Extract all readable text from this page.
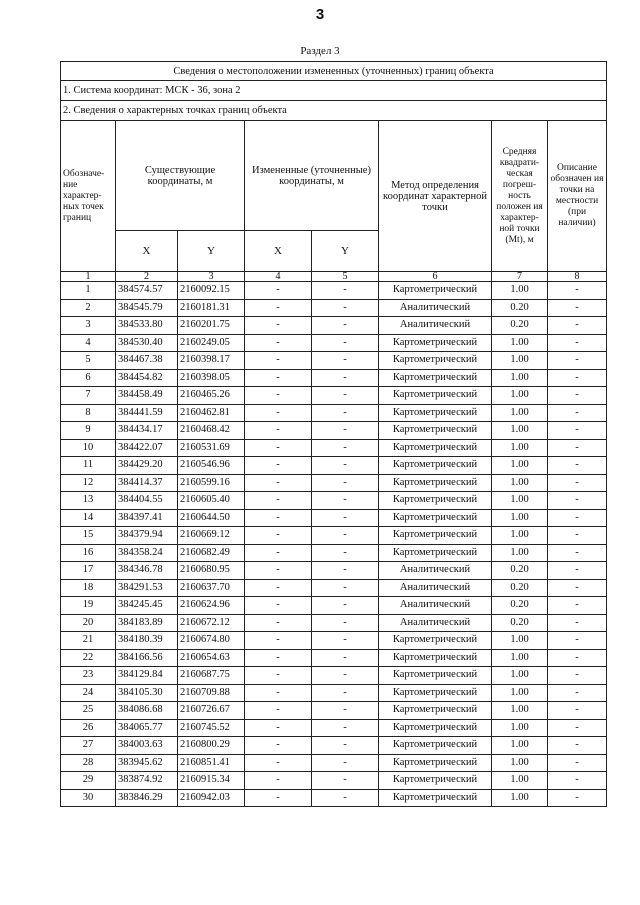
3
Раздел 3
Сведения о местоположении измененных (уточненных) границ объекта							
1. Система координат: МСК - 36, зона 2							
2. Сведения о характерных точках границ объекта							
Обозначе-ние характер-ных точек границ	Существующие координаты, м		Измененные (уточненные) координаты, м		Метод определения координат характерной точки	Средняя квадрати-ческая погреш-ность положен ия характер-ной точки (Mt), м	Описание обозначен ия точки на местности (при наличии)
	X	Y	X	Y			
1	2	3	4	5	6	7	8
1	384574.57	2160092.15	-	-	Картометрический	1.00	-
2	384545.79	2160181.31	-	-	Аналитический	0.20	-
3	384533.80	2160201.75	-	-	Аналитический	0.20	-
4	384530.40	2160249.05	-	-	Картометрический	1.00	-
5	384467.38	2160398.17	-	-	Картометрический	1.00	-
6	384454.82	2160398.05	-	-	Картометрический	1.00	-
7	384458.49	2160465.26	-	-	Картометрический	1.00	-
8	384441.59	2160462.81	-	-	Картометрический	1.00	-
9	384434.17	2160468.42	-	-	Картометрический	1.00	-
10	384422.07	2160531.69	-	-	Картометрический	1.00	-
11	384429.20	2160546.96	-	-	Картометрический	1.00	-
12	384414.37	2160599.16	-	-	Картометрический	1.00	-
13	384404.55	2160605.40	-	-	Картометрический	1.00	-
14	384397.41	2160644.50	-	-	Картометрический	1.00	-
15	384379.94	2160669.12	-	-	Картометрический	1.00	-
16	384358.24	2160682.49	-	-	Картометрический	1.00	-
17	384346.78	2160680.95	-	-	Аналитический	0.20	-
18	384291.53	2160637.70	-	-	Аналитический	0.20	-
19	384245.45	2160624.96	-	-	Аналитический	0.20	-
20	384183.89	2160672.12	-	-	Аналитический	0.20	-
21	384180.39	2160674.80	-	-	Картометрический	1.00	-
22	384166.56	2160654.63	-	-	Картометрический	1.00	-
23	384129.84	2160687.75	-	-	Картометрический	1.00	-
24	384105.30	2160709.88	-	-	Картометрический	1.00	-
25	384086.68	2160726.67	-	-	Картометрический	1.00	-
26	384065.77	2160745.52	-	-	Картометрический	1.00	-
27	384003.63	2160800.29	-	-	Картометрический	1.00	-
28	383945.62	2160851.41	-	-	Картометрический	1.00	-
29	383874.92	2160915.34	-	-	Картометрический	1.00	-
30	383846.29	2160942.03	-	-	Картометрический	1.00	-
